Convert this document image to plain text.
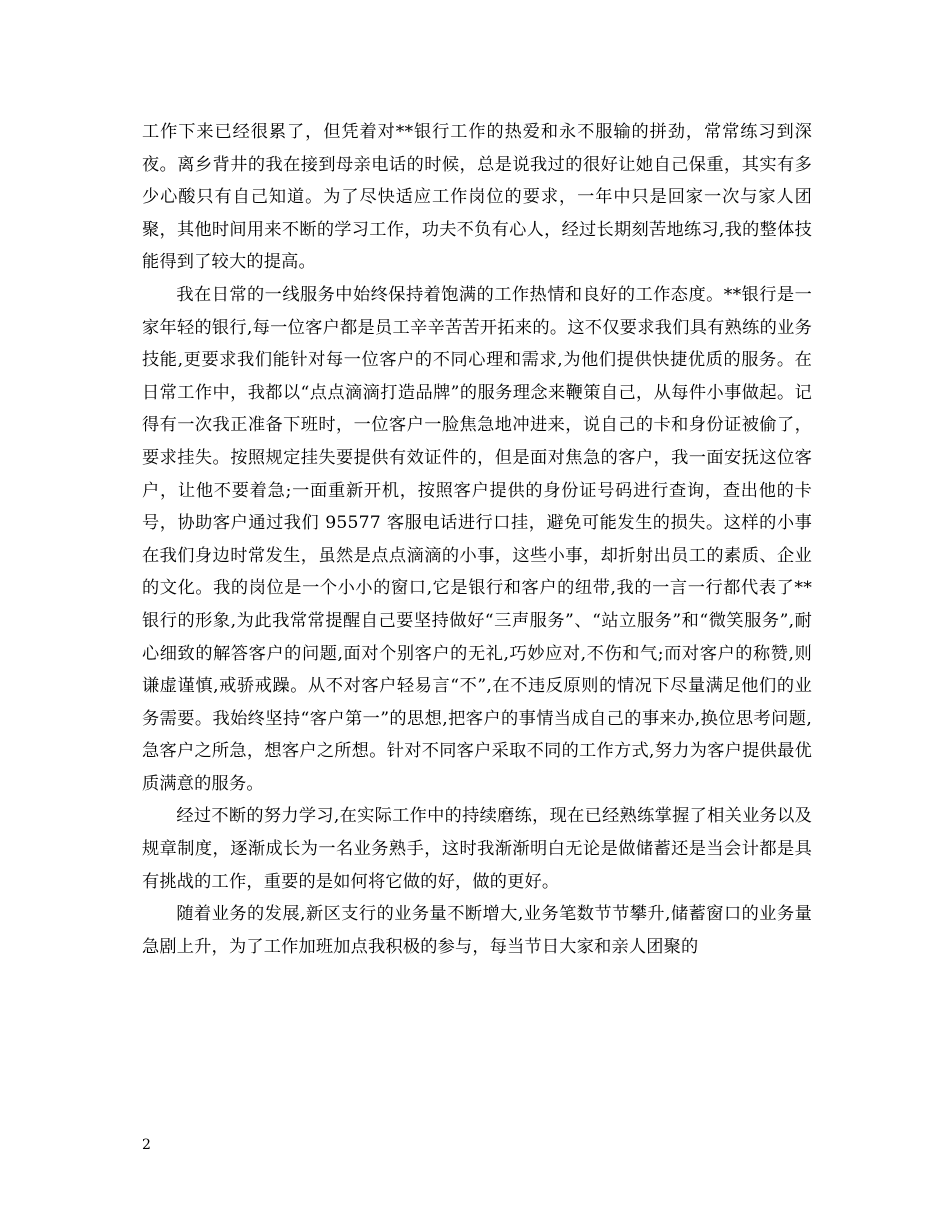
工作下来已经很累了，但凭着对**银行工作的热爱和永不服输的拼劲，常常练习到深夜。离乡背井的我在接到母亲电话的时候，总是说我过的很好让她自己保重，其实有多少心酸只有自己知道。为了尽快适应工作岗位的要求，一年中只是回家一次与家人团聚，其他时间用来不断的学习工作，功夫不负有心人，经过长期刻苦地练习,我的整体技能得到了较大的提高。

我在日常的一线服务中始终保持着饱满的工作热情和良好的工作态度。**银行是一家年轻的银行,每一位客户都是员工辛辛苦苦开拓来的。这不仅要求我们具有熟练的业务技能,更要求我们能针对每一位客户的不同心理和需求,为他们提供快捷优质的服务。在日常工作中，我都以“点点滴滴打造品牌”的服务理念来鞭策自己，从每件小事做起。记得有一次我正准备下班时，一位客户一脸焦急地冲进来，说自己的卡和身份证被偷了，要求挂失。按照规定挂失要提供有效证件的，但是面对焦急的客户，我一面安抚这位客户，让他不要着急;一面重新开机，按照客户提供的身份证号码进行查询，查出他的卡号，协助客户通过我们 95577 客服电话进行口挂，避免可能发生的损失。这样的小事在我们身边时常发生，虽然是点点滴滴的小事，这些小事，却折射出员工的素质、企业的文化。我的岗位是一个小小的窗口,它是银行和客户的纽带,我的一言一行都代表了**银行的形象,为此我常常提醒自己要坚持做好“三声服务”、“站立服务”和“微笑服务”,耐心细致的解答客户的问题,面对个别客户的无礼,巧妙应对,不伤和气;而对客户的称赞,则谦虚谨慎,戒骄戒躁。从不对客户轻易言“不”,在不违反原则的情况下尽量满足他们的业务需要。我始终坚持“客户第一”的思想,把客户的事情当成自己的事来办,换位思考问题,急客户之所急，想客户之所想。针对不同客户采取不同的工作方式,努力为客户提供最优质满意的服务。

经过不断的努力学习,在实际工作中的持续磨练，现在已经熟练掌握了相关业务以及规章制度，逐渐成长为一名业务熟手，这时我渐渐明白无论是做储蓄还是当会计都是具有挑战的工作，重要的是如何将它做的好，做的更好。

随着业务的发展,新区支行的业务量不断增大,业务笔数节节攀升,储蓄窗口的业务量急剧上升，为了工作加班加点我积极的参与，每当节日大家和亲人团聚的

2
